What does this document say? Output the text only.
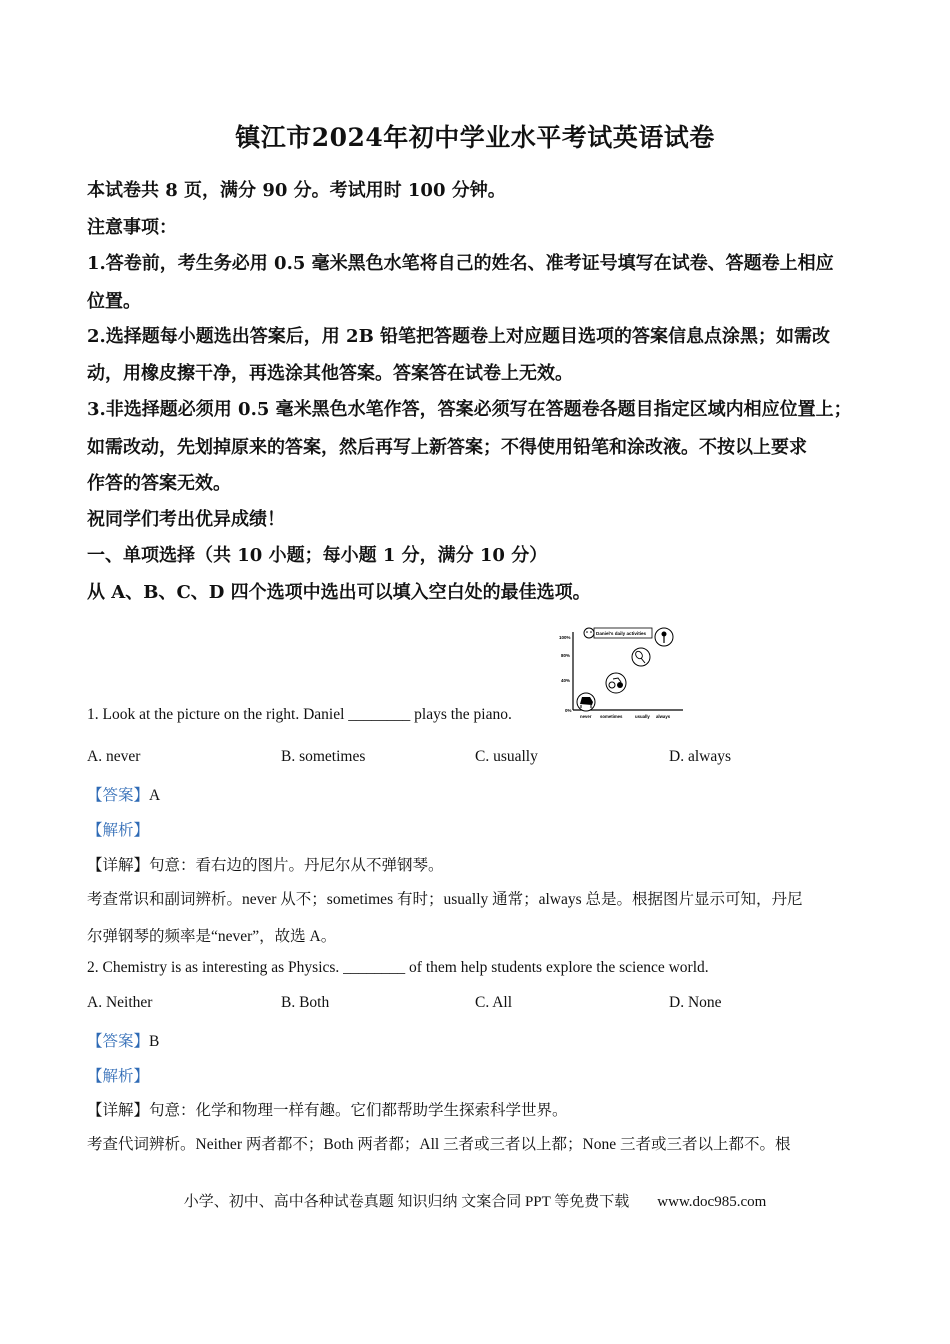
镇江市2024年初中学业水平考试英语试卷
本试卷共 8 页，满分 90 分。考试用时 100 分钟。
注意事项：
1.答卷前，考生务必用 0.5 毫米黑色水笔将自己的姓名、准考证号填写在试卷、答题卷上相应
位置。
2.选择题每小题选出答案后，用 2B 铅笔把答题卷上对应题目选项的答案信息点涂黑；如需改
动，用橡皮擦干净，再选涂其他答案。答案答在试卷上无效。
3.非选择题必须用 0.5 毫米黑色水笔作答，答案必须写在答题卷各题目指定区域内相应位置上；
如需改动，先划掉原来的答案，然后再写上新答案；不得使用铅笔和涂改液。不按以上要求
作答的答案无效。
祝同学们考出优异成绩！
一、单项选择（共 10 小题；每小题 1 分，满分 10 分）
从 A、B、C、D 四个选项中选出可以填入空白处的最佳选项。
100%
80%
40%
0%
Daniel's daily activities
never sometimes	usually always
1. Look at the picture on the right. Daniel ________ plays the piano.
A. never	B. sometimes	C. usually	D. always
【答案】A
【解析】
【详解】句意：看右边的图片。丹尼尔从不弹钢琴。
考查常识和副词辨析。never 从不；sometimes 有时；usually 通常；always 总是。根据图片显示可知，丹尼
尔弹钢琴的频率是“never”，故选 A。
2. Chemistry is as interesting as Physics. ________ of them help students explore the science world.
A. Neither	B. Both	C. All	D. None
【答案】B
【解析】
【详解】句意：化学和物理一样有趣。它们都帮助学生探索科学世界。
考查代词辨析。Neither 两者都不；Both 两者都；All 三者或三者以上都；None 三者或三者以上都不。根
小学、初中、高中各种试卷真题 知识归纳 文案合同 PPT 等免费下载 www.doc985.com
